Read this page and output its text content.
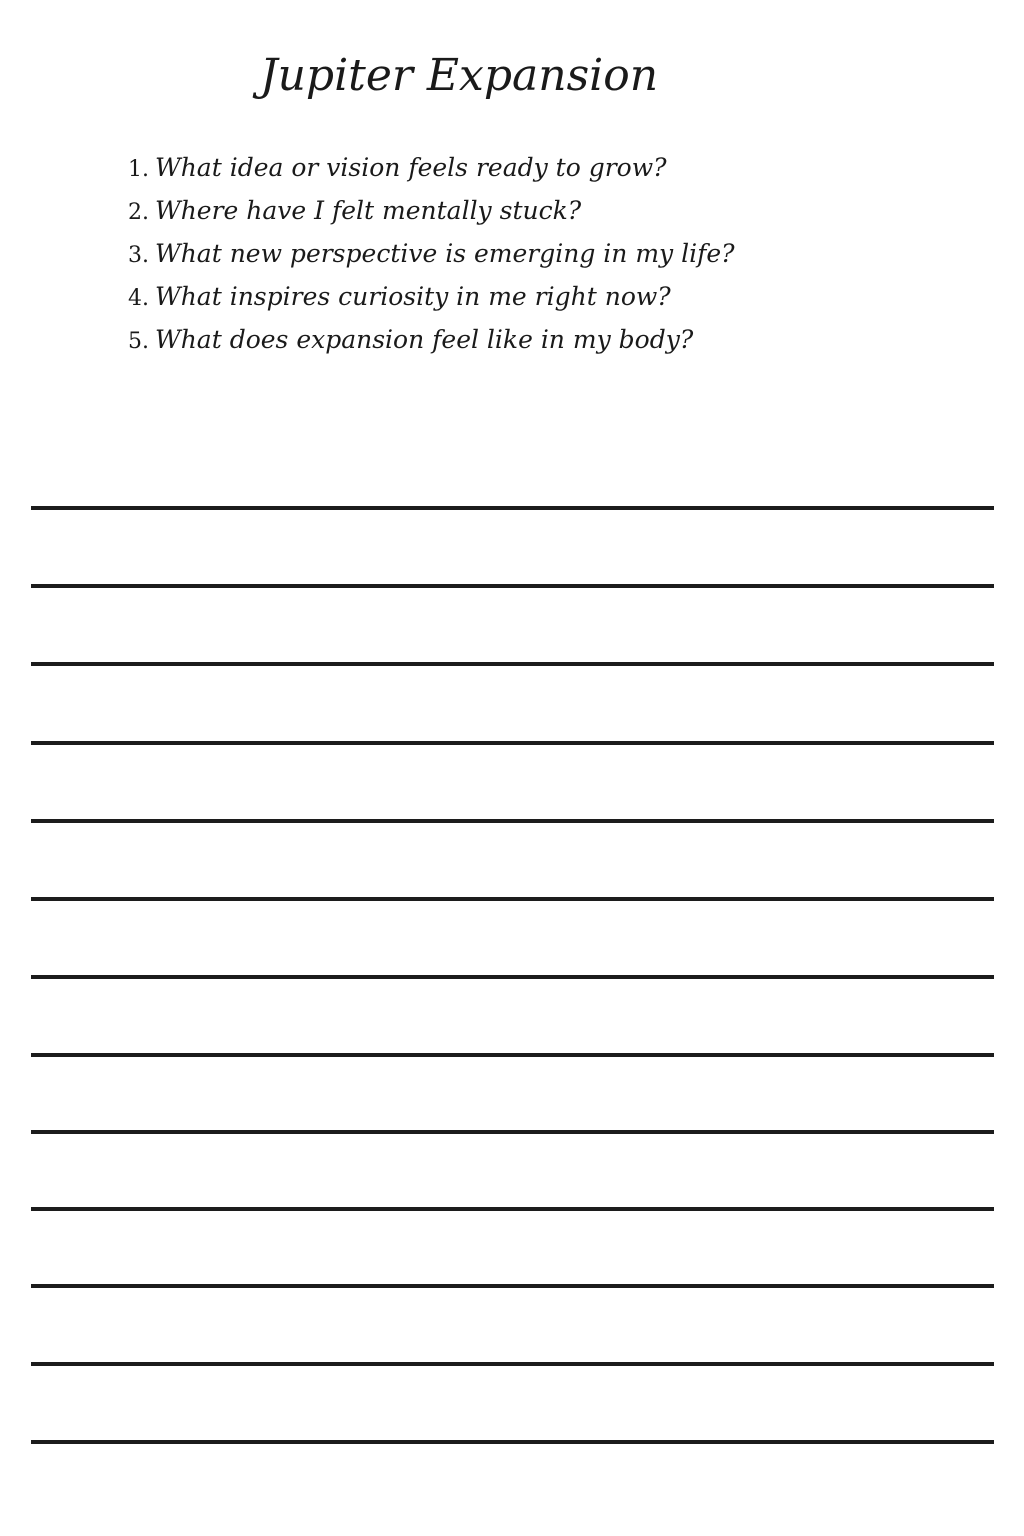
Jupiter Expansion
1. What idea or vision feels ready to grow?
2. Where have I felt mentally stuck?
3. What new perspective is emerging in my life?
4. What inspires curiosity in me right now?
5. What does expansion feel like in my body?
